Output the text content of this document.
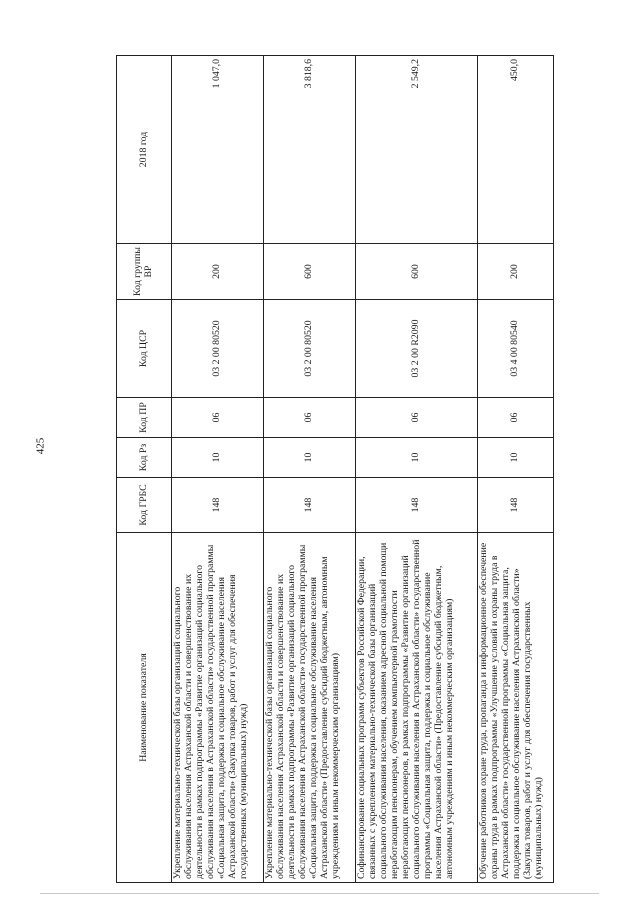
425
Наименование показателя	Код ГРБС	Код Рз	Код ПР	Код ЦСР	Код группы ВР	2018 год
Укрепление материально-технической базы организаций социального обслуживания населения Астраханской области и совершенствование их деятельности в рамках подпрограммы «Развитие организаций социального обслуживания населения в Астраханской области» государственной программы «Социальная защита, поддержка и социальное обслуживание населения Астраханской области» (Закупка товаров, работ и услуг для обеспечения государственных (муниципальных) нужд)	148	10	06	03 2 00 80520	200	1 047,0
Укрепление материально-технической базы организаций социального обслуживания населения Астраханской области и совершенствование их деятельности в рамках подпрограммы «Развитие организаций социального обслуживания населения в Астраханской области» государственной программы «Социальная защита, поддержка и социальное обслуживание населения Астраханской области» (Предоставление субсидий бюджетным, автономным учреждениям и иным некоммерческим организациям)	148	10	06	03 2 00 80520	600	3 818,6
Софинансирование социальных программ субъектов Российской Федерации, связанных с укреплением материально-технической базы организаций социального обслуживания населения, оказанием адресной социальной помощи неработающим пенсионерам, обучением компьютерной грамотности неработающих пенсионеров, в рамках подпрограммы «Развитие организаций социального обслуживания населения в Астраханской области» государственной программы «Социальная защита, поддержка и социальное обслуживание населения Астраханской области» (Предоставление субсидий бюджетным, автономным учреждениям и иным некоммерческим организациям)	148	10	06	03 2 00 R2090	600	2 549,2
Обучение работников охране труда, пропаганда и информационное обеспечение охраны труда в рамках подпрограммы «Улучшение условий и охраны труда в Астраханской области» государственной программы «Социальная защита, поддержка и социальное обслуживание населения Астраханской области» (Закупка товаров, работ и услуг для обеспечения государственных (муниципальных) нужд)	148	10	06	03 4 00 80540	200	450,0
